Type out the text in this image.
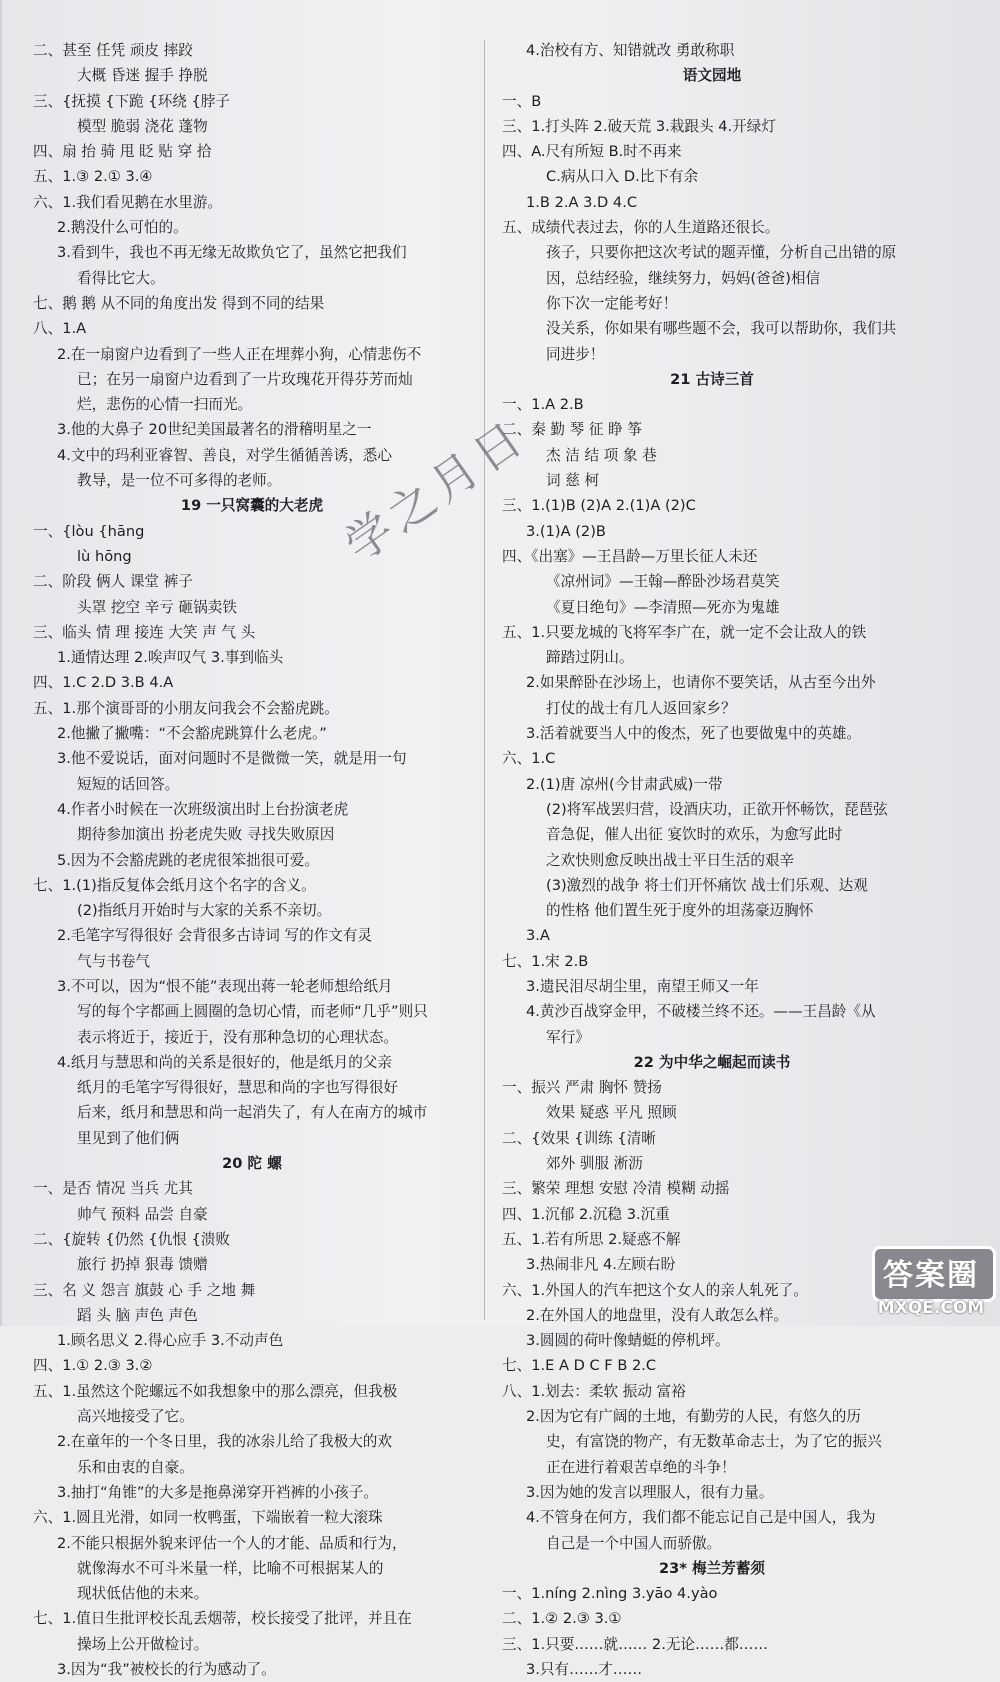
二、甚至 任凭 顽皮 摔跤
大概 昏迷 握手 挣脱
三、{抚摸 {下跪 {环绕 {脖子
模型 脆弱 浇花 蓬物
四、扇 抬 骑 甩 眨 贴 穿 拾
五、1.③ 2.① 3.④
六、1.我们看见鹅在水里游。
2.鹅没什么可怕的。
3.看到牛，我也不再无缘无故欺负它了，虽然它把我们
看得比它大。
七、鹅 鹅 从不同的角度出发 得到不同的结果
八、1.A
2.在一扇窗户边看到了一些人正在埋葬小狗，心情悲伤不
已；在另一扇窗户边看到了一片玫瑰花开得芬芳而灿
烂，悲伤的心情一扫而光。
3.他的大鼻子 20世纪美国最著名的滑稽明星之一
4.文中的玛利亚睿智、善良，对学生循循善诱，悉心
教导，是一位不可多得的老师。
19 一只窝囊的大老虎
一、{lòu {hāng
lù hōng
二、阶段 俩人 课堂 裤子
头罩 挖空 辛亏 砸锅卖铁
三、临头 情 理 接连 大笑 声 气 头
1.通情达理 2.唉声叹气 3.事到临头
四、1.C 2.D 3.B 4.A
五、1.那个演哥哥的小朋友问我会不会豁虎跳。
2.他撇了撇嘴：“不会豁虎跳算什么老虎。”
3.他不爱说话，面对问题时不是微微一笑，就是用一句
短短的话回答。
4.作者小时候在一次班级演出时上台扮演老虎
期待参加演出 扮老虎失败 寻找失败原因
5.因为不会豁虎跳的老虎很笨拙很可爱。
七、1.(1)指反复体会纸月这个名字的含义。
(2)指纸月开始时与大家的关系不亲切。
2.毛笔字写得很好 会背很多古诗词 写的作文有灵
气与书卷气
3.不可以，因为“恨不能”表现出蒋一轮老师想给纸月
写的每个字都画上圆圈的急切心情，而老师“几乎”则只
表示将近于，接近于，没有那种急切的心理状态。
4.纸月与慧思和尚的关系是很好的，他是纸月的父亲
纸月的毛笔字写得很好，慧思和尚的字也写得很好
后来，纸月和慧思和尚一起消失了，有人在南方的城市
里见到了他们俩
20 陀 螺
一、是否 情况 当兵 尤其
帅气 预料 品尝 自豪
二、{旋转 {仍然 {仇恨 {溃败
旅行 扔掉 狠毒 馈赠
三、名 义 怨言 旗鼓 心 手 之地 舞
蹈 头 脑 声色 声色
1.顾名思义 2.得心应手 3.不动声色
四、1.① 2.③ 3.②
五、1.虽然这个陀螺远不如我想象中的那么漂亮，但我极
高兴地接受了它。
2.在童年的一个冬日里，我的冰尜儿给了我极大的欢
乐和由衷的自豪。
3.抽打“角锥”的大多是拖鼻涕穿开裆裤的小孩子。
六、1.圆且光滑，如同一枚鸭蛋，下端嵌着一粒大滚珠
2.不能只根据外貌来评估一个人的才能、品质和行为，
就像海水不可斗米量一样，比喻不可根据某人的
现状低估他的未来。
七、1.值日生批评校长乱丢烟蒂，校长接受了批评，并且在
操场上公开做检讨。
3.因为“我”被校长的行为感动了。
4.治校有方、知错就改 勇敢称职
语文园地
一、B
三、1.打头阵 2.破天荒 3.栽跟头 4.开绿灯
四、A.尺有所短 B.时不再来
C.病从口入 D.比下有余
1.B 2.A 3.D 4.C
五、成绩代表过去，你的人生道路还很长。
孩子，只要你把这次考试的题弄懂，分析自己出错的原
因，总结经验，继续努力，妈妈(爸爸)相信
你下次一定能考好！
没关系，你如果有哪些题不会，我可以帮助你，我们共
同进步！
21 古诗三首
一、1.A 2.B
二、秦 勤 琴 征 睁 筝
杰 洁 结 项 象 巷
词 慈 柯
三、1.(1)B (2)A 2.(1)A (2)C
3.(1)A (2)B
四、《出塞》—王昌龄—万里长征人未还
《凉州词》—王翰—醉卧沙场君莫笑
《夏日绝句》—李清照—死亦为鬼雄
五、1.只要龙城的飞将军李广在，就一定不会让敌人的铁
蹄踏过阴山。
2.如果醉卧在沙场上，也请你不要笑话，从古至今出外
打仗的战士有几人返回家乡？
3.活着就要当人中的俊杰，死了也要做鬼中的英雄。
六、1.C
2.(1)唐 凉州(今甘肃武威)一带
(2)将军战罢归营，设酒庆功，正欲开怀畅饮，琵琶弦
音急促，催人出征 宴饮时的欢乐，为愈写此时
之欢快则愈反映出战士平日生活的艰辛
(3)激烈的战争 将士们开怀痛饮 战士们乐观、达观
的性格 他们置生死于度外的坦荡豪迈胸怀
3.A
七、1.宋 2.B
3.遗民泪尽胡尘里，南望王师又一年
4.黄沙百战穿金甲，不破楼兰终不还。——王昌龄《从
军行》
22 为中华之崛起而读书
一、振兴 严肃 胸怀 赞扬
效果 疑惑 平凡 照顾
二、{效果 {训练 {清晰
郊外 驯服 淅沥
三、繁荣 理想 安慰 冷清 模糊 动摇
四、1.沉郁 2.沉稳 3.沉重
五、1.若有所思 2.疑惑不解
3.热闹非凡 4.左顾右盼
六、1.外国人的汽车把这个女人的亲人轧死了。
2.在外国人的地盘里，没有人敢怎么样。
3.圆圆的荷叶像蜻蜓的停机坪。
七、1.E A D C F B 2.C
八、1.划去：柔软 振动 富裕
2.因为它有广阔的土地，有勤劳的人民，有悠久的历
史，有富饶的物产，有无数革命志士，为了它的振兴
正在进行着艰苦卓绝的斗争！
3.因为她的发言以理服人，很有力量。
4.不管身在何方，我们都不能忘记自己是中国人，我为
自己是一个中国人而骄傲。
23* 梅兰芳蓄须
一、1.níng 2.nìng 3.yāo 4.yào
二、1.② 2.③ 3.①
三、1.只要……就…… 2.无论……都……
3.只有……才……
学之月日
答案圈
MXQE.COM
